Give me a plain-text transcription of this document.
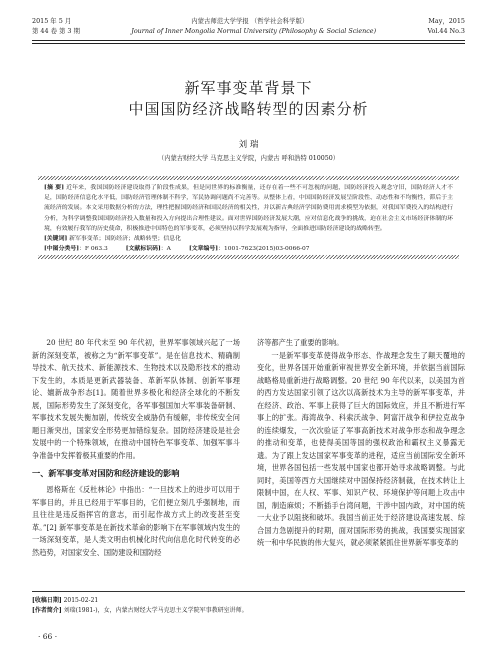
2015 年 5 月	内蒙古师范大学学报 （哲学社会科学版）	May，2015
第 44 卷 第 3 期	Journal of Inner Mongolia Normal University (Philosophy & Social Science)	Vol.44 No.3
新军事变革背景下
中国国防经济战略转型的因素分析
刘 瑞
（内蒙古财经大学 马克思主义学院，内蒙古 呼和浩特 010050）

[摘 要] 近年来，我国国防经济建设取得了阶段性成果，但是同世界的标准衡量，还存在着一些不可忽视的问题，国防经济投入观念守旧，国防经济人才不足，国防经济信息化水平低，国防经济管理体制不科学，军民协调问题尚不完善等。从整体上看，中国国防经济发展呈阶段性、动态性和不均衡性，滞后于主流经济的发展。本文采用数据分析的方法，理性把握国防经济和国民经济的相关性，并以新古典经济学国防费用需求模型为依据，对我国军费投入的结构进行分析，为科学调整我国国防经济投入数量和投入方向提出合理性建议。面对世界国防经济发展大潮，应对信息化战争的挑战，迫在社会主义市场经济体制的环境，有效履行我军的历史使命，积极推进中国特色的军事变革，必须坚持以科学发展观为指导，全面推进国防经济建设的战略转型。

[关键词] 新军事变革；国防经济；战略转型；信息化

[中图分类号]：F 063.3	[文献标识码]：A	[文章编号]：1001-7623(2015)03-0066-07

20 世纪 80 年代末至 90 年代初，世界军事领域兴起了一场新的深刻变革，被称之为“新军事变革”。是在信息技术、精确制导技术、航天技术、新能源技术、生物技术以及隐形技术的推动下发生的，本质是更新武器装备、革新军队体制、创新军事理论、嬗新战争形态[1]。随着世界多极化和经济全球化的不断发展，国际形势发生了深刻变化，各军事强国加大军事装备研制、军事技术发展失衡加剧，传统安全威胁仍有缓解，非传统安全问题日渐突出，国家安全形势更加错综复杂。国防经济建设是社会发展中的一个特殊领域，在推动中国特色军事变革、加强军事斗争准备中发挥着极其重要的作用。

一、新军事变革对国防和经济建设的影响

恩格斯在《反杜林论》中指出：“一旦技术上的进步可以用于军事目的，并且已经用于军事目的，它们便立刻几乎强制地，而且往往是违反指挥官的意志，而引起作战方式上的改变甚至变革。”[2] 新军事变革是在新技术革命的影响下在军事领域内发生的一场深刻变革，是人类文明由机械化时代向信息化时代转变的必然趋势，对国家安全、国防建设和国防经

济等都产生了重要的影响。

一是新军事变革使得战争形态、作战理念发生了颠天覆地的变化，世界各国开始重新审视世界安全新环境，并依据当前国际战略格局重新进行战略调整。20 世纪 90 年代以来，以美国为首的西方发达国家引领了这次以高新技术为主导的新军事变革，并在经济、政治、军事上获得了巨大的国际效应，并且不断进行军事上的扩张。海湾战争、科索沃战争、阿富汗战争和伊拉克战争的连续爆发，一次次验证了军事高新技术对战争形态和战争理念的推动和变革，也使得美国等国的强权政治和霸权主义暴露无遗。为了跟上发达国家军事变革的进程，适应当前国际安全新环境，世界各国包括一些发展中国家也都开始寻求战略调整。与此同时，美国等西方大国继续对中国保持经济制裁，在技术转让上限制中国，在人权、军事、知识产权、环境保护等问题上攻击中国，制造麻烦；不断插手台湾问题，干涉中国内政，对中国的统一大业予以阻挠和破坏。我国当前正处于经济建设高速发展、综合国力急剧提升的时期，面对国际形势的挑战，我国要实现国家统一和中华民族的伟大复兴，就必须紧紧抓住世界新军事变革的

[收稿日期] 2015-02-21
[作者简介] 刘瑞(1981-)，女，内蒙古财经大学马克思主义学院军事教研室讲师。
· 66 ·
